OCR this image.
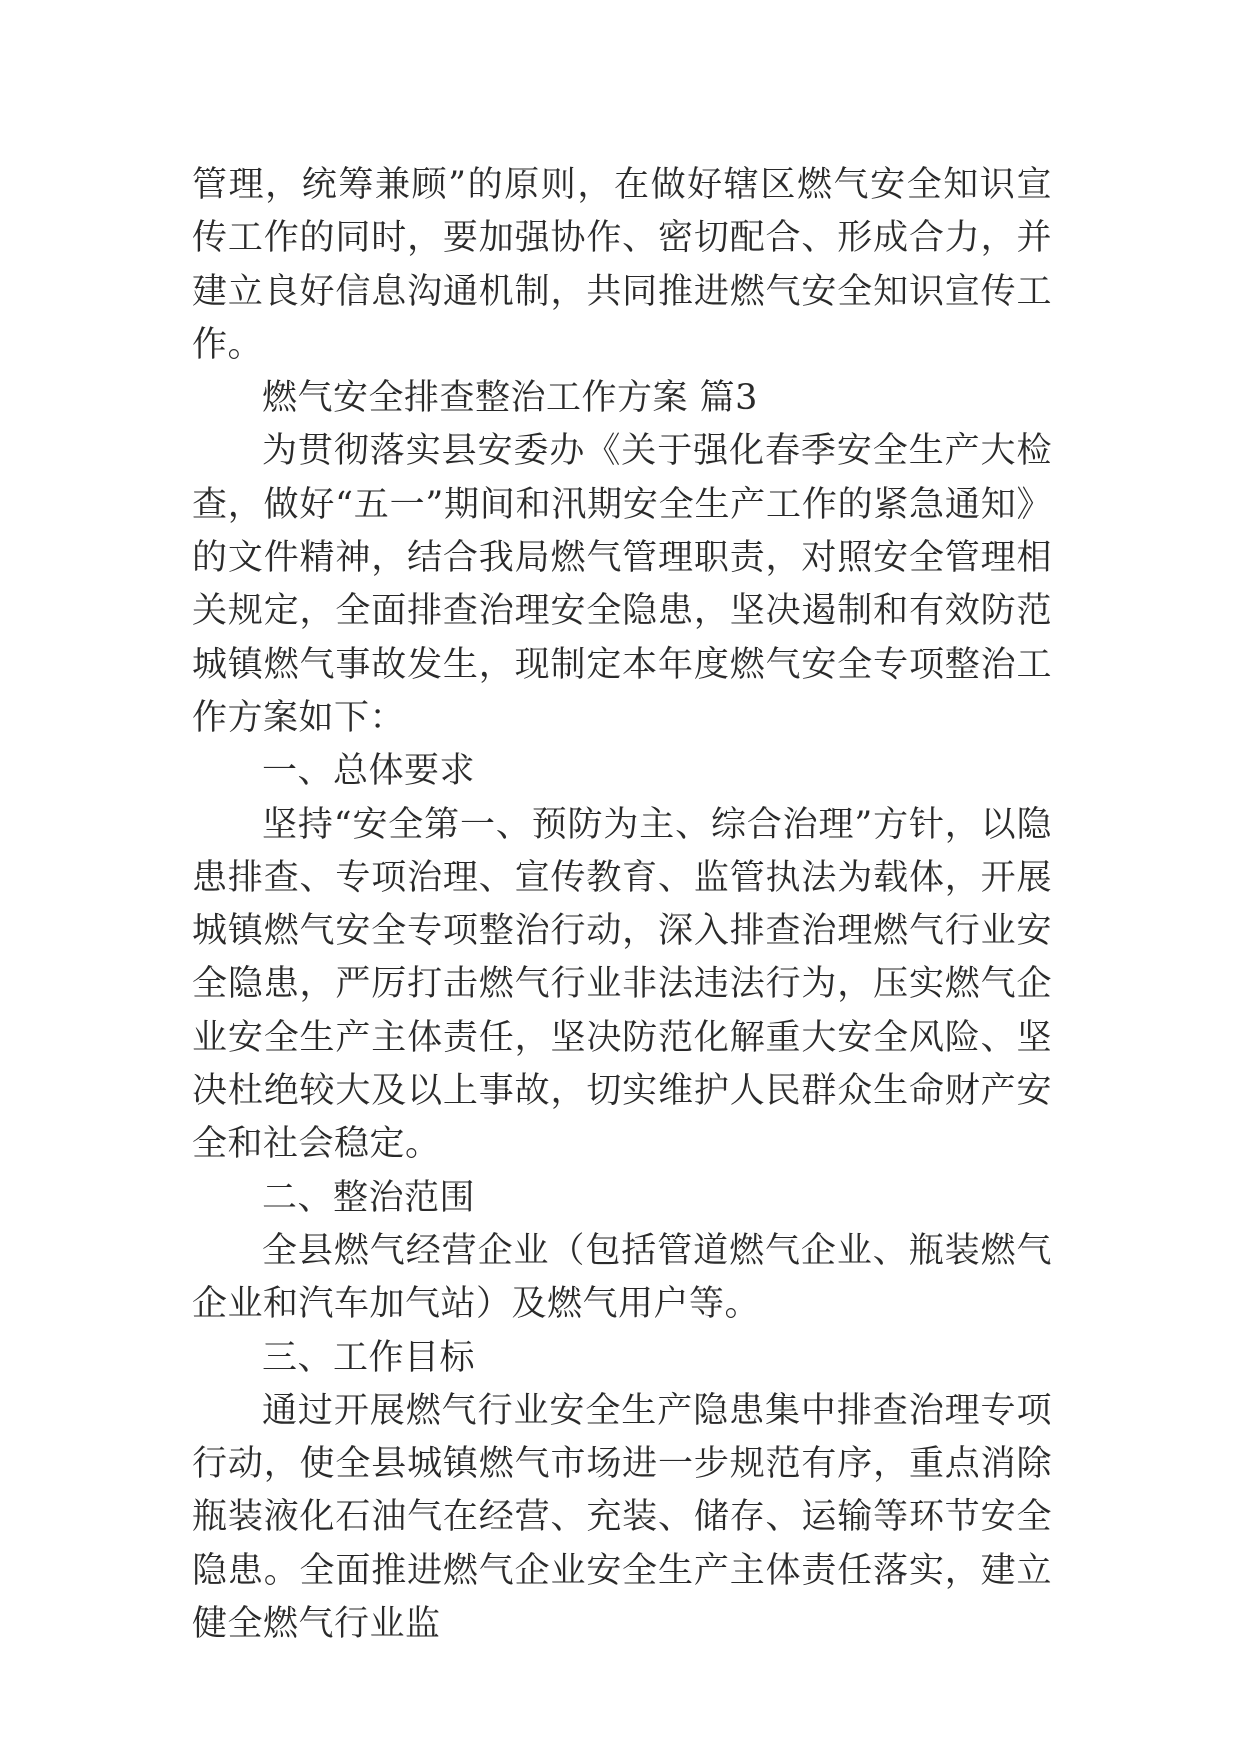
管理，统筹兼顾”的原则，在做好辖区燃气安全知识宣传工作的同时，要加强协作、密切配合、形成合力，并建立良好信息沟通机制，共同推进燃气安全知识宣传工作。

燃气安全排查整治工作方案 篇3

为贯彻落实县安委办《关于强化春季安全生产大检查，做好“五一”期间和汛期安全生产工作的紧急通知》的文件精神，结合我局燃气管理职责，对照安全管理相关规定，全面排查治理安全隐患，坚决遏制和有效防范城镇燃气事故发生，现制定本年度燃气安全专项整治工作方案如下：

一、总体要求

坚持“安全第一、预防为主、综合治理”方针，以隐患排查、专项治理、宣传教育、监管执法为载体，开展城镇燃气安全专项整治行动，深入排查治理燃气行业安全隐患，严厉打击燃气行业非法违法行为，压实燃气企业安全生产主体责任，坚决防范化解重大安全风险、坚决杜绝较大及以上事故，切实维护人民群众生命财产安全和社会稳定。

二、整治范围

全县燃气经营企业（包括管道燃气企业、瓶装燃气企业和汽车加气站）及燃气用户等。

三、工作目标

通过开展燃气行业安全生产隐患集中排查治理专项行动，使全县城镇燃气市场进一步规范有序，重点消除瓶装液化石油气在经营、充装、储存、运输等环节安全隐患。全面推进燃气企业安全生产主体责任落实，建立健全燃气行业监
